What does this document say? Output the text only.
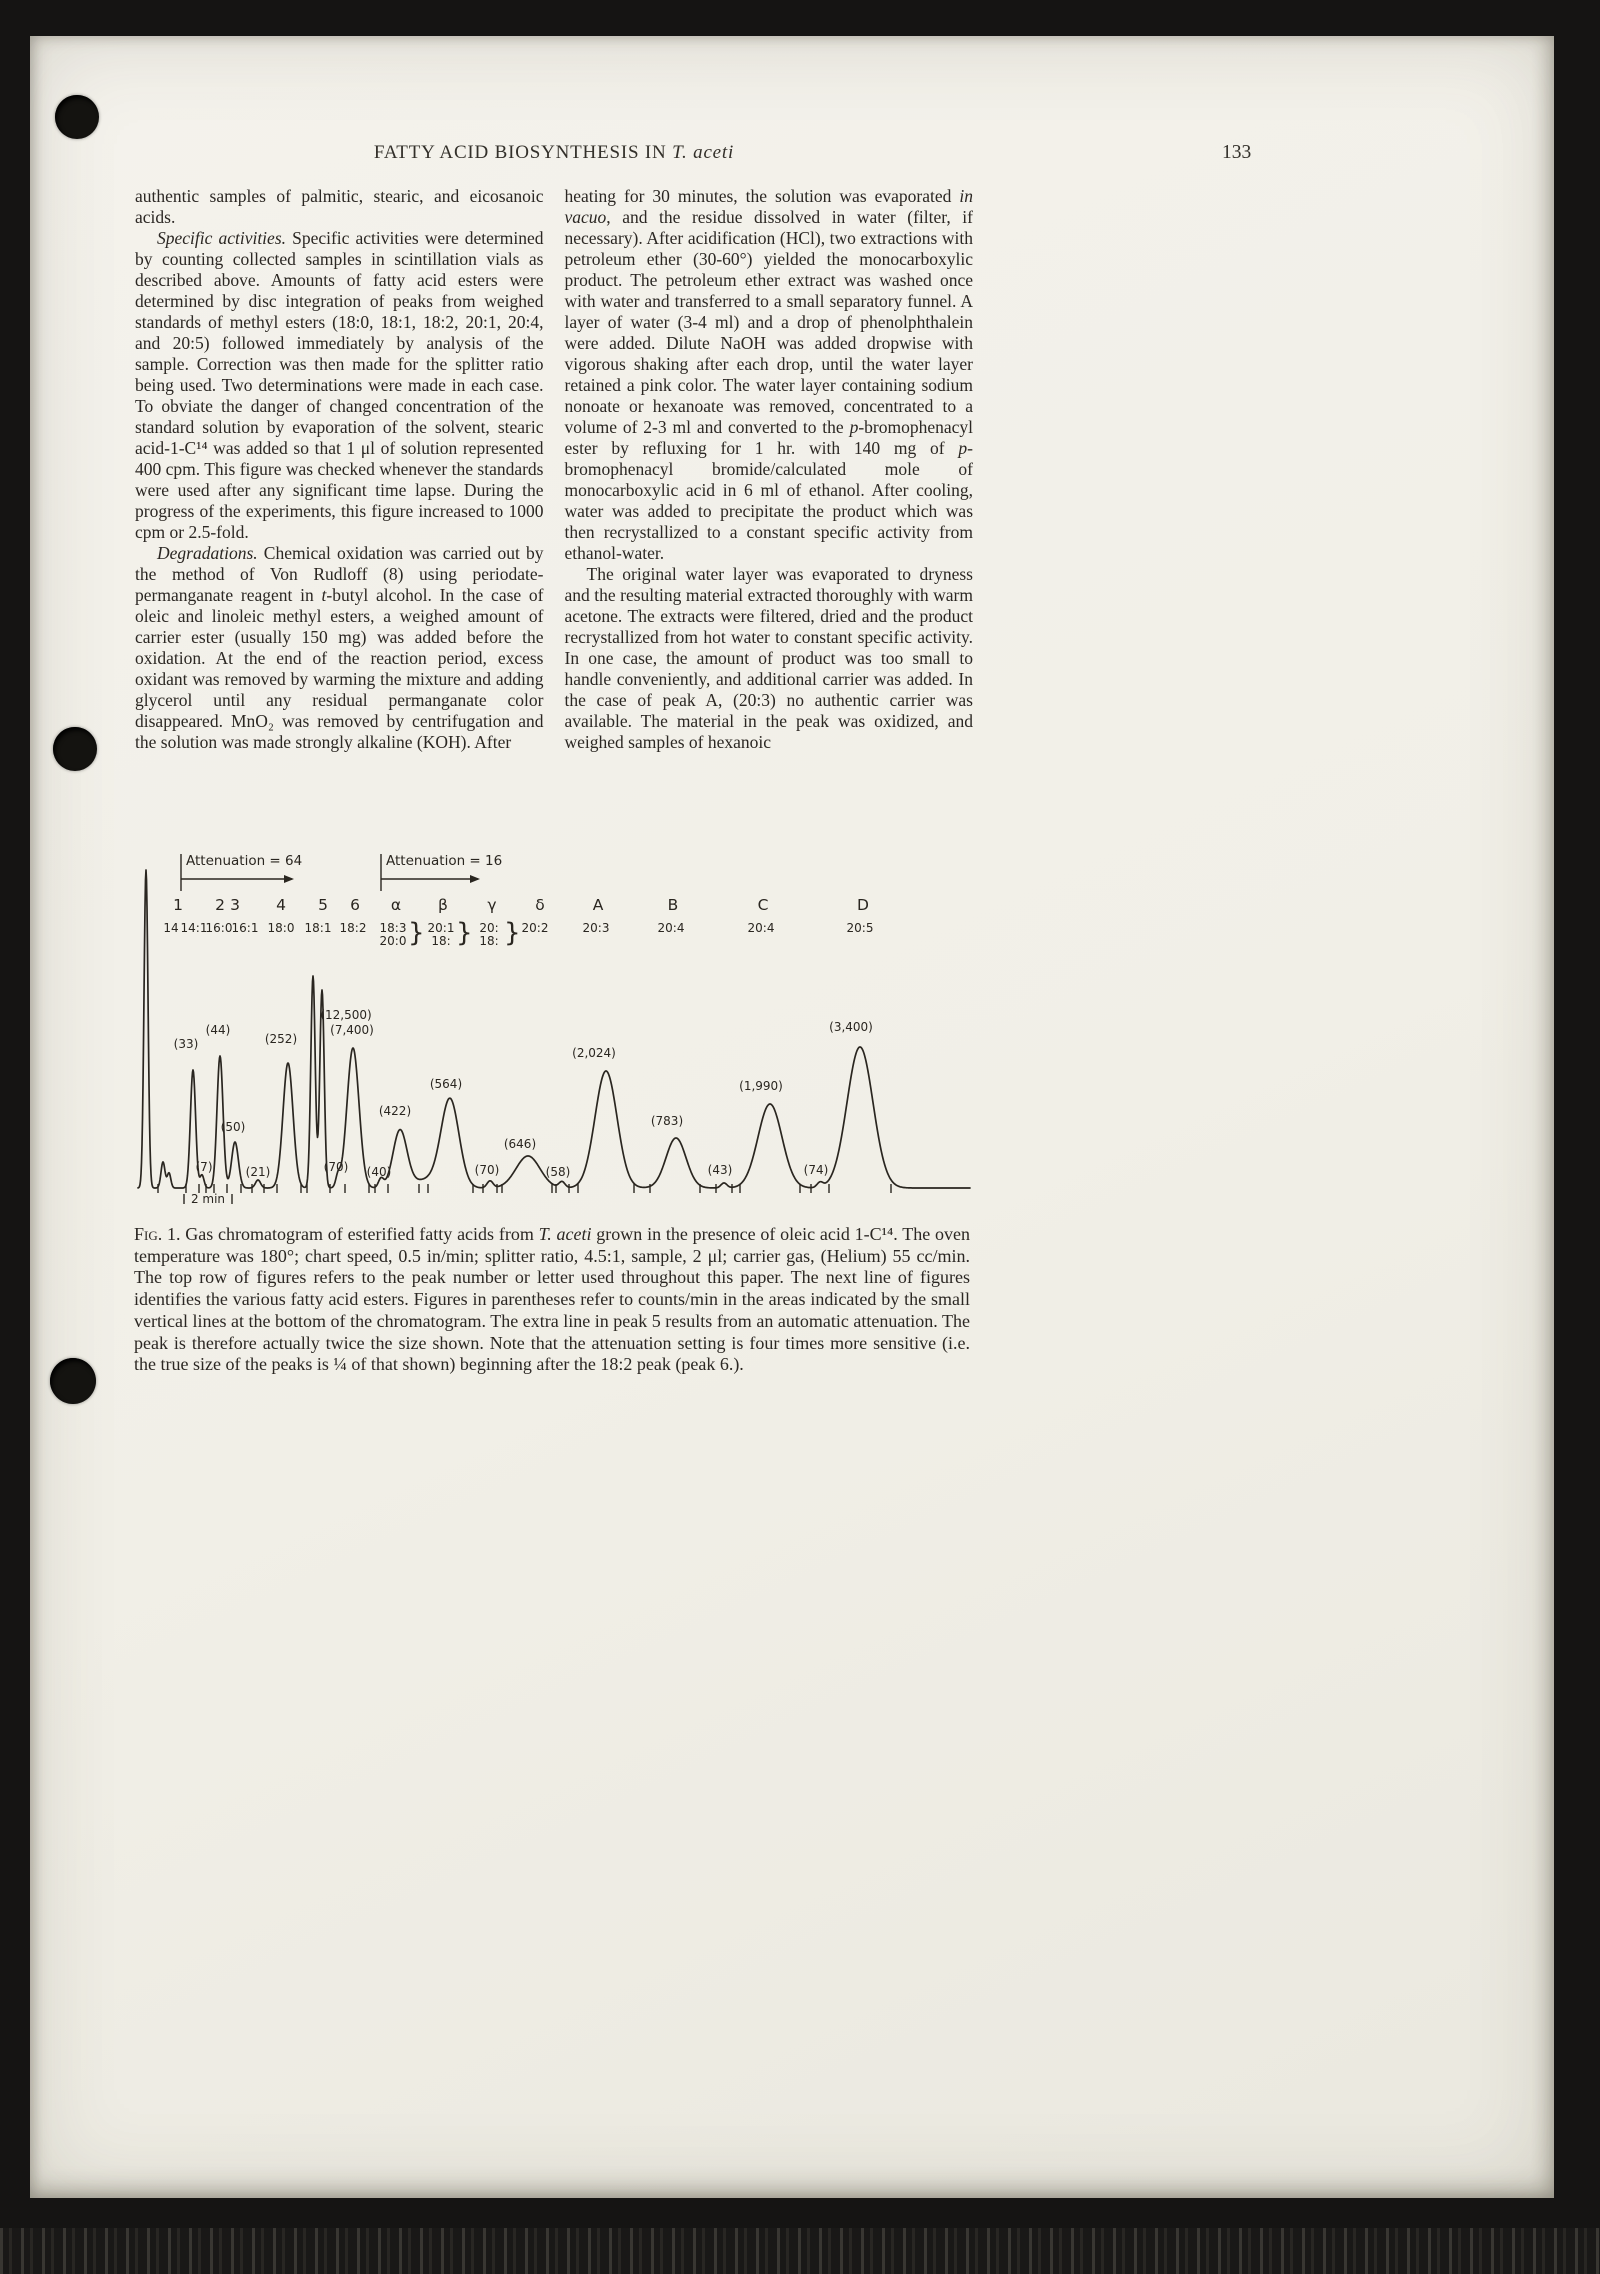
FATTY ACID BIOSYNTHESIS IN T. aceti	133

authentic samples of palmitic, stearic, and eicosanoic acids.

Specific activities. Specific activities were determined by counting collected samples in scintillation vials as described above. Amounts of fatty acid esters were determined by disc integration of peaks from weighed standards of methyl esters (18:0, 18:1, 18:2, 20:1, 20:4, and 20:5) followed immediately by analysis of the sample. Correction was then made for the splitter ratio being used. Two determinations were made in each case. To obviate the danger of changed concentration of the standard solution by evaporation of the solvent, stearic acid-1-C¹⁴ was added so that 1 μl of solution represented 400 cpm. This figure was checked whenever the standards were used after any significant time lapse. During the progress of the experiments, this figure increased to 1000 cpm or 2.5-fold.

Degradations. Chemical oxidation was carried out by the method of Von Rudloff (8) using periodate-permanganate reagent in t-butyl alcohol. In the case of oleic and linoleic methyl esters, a weighed amount of carrier ester (usually 150 mg) was added before the oxidation. At the end of the reaction period, excess oxidant was removed by warming the mixture and adding glycerol until any residual permanganate color disappeared. MnO₂ was removed by centrifugation and the solution was made strongly alkaline (KOH). After

heating for 30 minutes, the solution was evaporated in vacuo, and the residue dissolved in water (filter, if necessary). After acidification (HCl), two extractions with petroleum ether (30-60°) yielded the monocarboxylic product. The petroleum ether extract was washed once with water and transferred to a small separatory funnel. A layer of water (3-4 ml) and a drop of phenolphthalein were added. Dilute NaOH was added dropwise with vigorous shaking after each drop, until the water layer retained a pink color. The water layer containing sodium nonoate or hexanoate was removed, concentrated to a volume of 2-3 ml and converted to the p-bromophenacyl ester by refluxing for 1 hr. with 140 mg of p-bromophenacyl bromide/calculated mole of monocarboxylic acid in 6 ml of ethanol. After cooling, water was added to precipitate the product which was then recrystallized to a constant specific activity from ethanol-water.

The original water layer was evaporated to dryness and the resulting material extracted thoroughly with warm acetone. The extracts were filtered, dried and the product recrystallized from hot water to constant specific activity. In one case, the amount of product was too small to handle conveniently, and additional carrier was added. In the case of peak A, (20:3) no authentic carrier was available. The material in the peak was oxidized, and weighed samples of hexanoic

Attenuation = 64	Attenuation = 16
1 2 3 4 5 6 α β	γ δ	A	B	C	D
14 14:1
16:0 16:1 18:0 18:1 18:2 18:3
20:0 } 20:1
18: } 20:
18: } 20:2	20:3	20:4	20:4	20:5
(33)
(44)
(50)
(7)	(21)
(252)
(12,500)
(7,400)
(70) (40)
(422)
(564)
(70)
(646)
(58)
(2,024)
(783)
(43)
(1,990)
(74)
(3,400)
2 min
Fig. 1. Gas chromatogram of esterified fatty acids from T. aceti grown in the presence of oleic acid 1-C¹⁴. The oven temperature was 180°; chart speed, 0.5 in/min; splitter ratio, 4.5:1, sample, 2 μl; carrier gas, (Helium) 55 cc/min. The top row of figures refers to the peak number or letter used throughout this paper. The next line of figures identifies the various fatty acid esters. Figures in parentheses refer to counts/min in the areas indicated by the small vertical lines at the bottom of the chromatogram. The extra line in peak 5 results from an automatic attenuation. The peak is therefore actually twice the size shown. Note that the attenuation setting is four times more sensitive (i.e. the true size of the peaks is ¼ of that shown) beginning after the 18:2 peak (peak 6.).
